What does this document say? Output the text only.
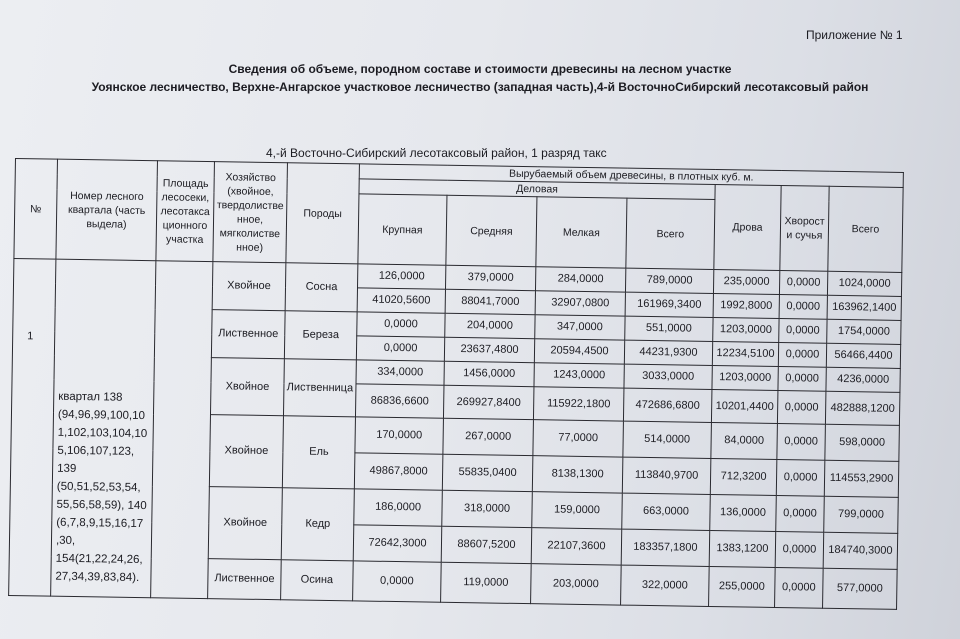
Приложение № 1
Сведения об объеме, породном составе и стоимости древесины на лесном участке
Уоянское лесничество, Верхне-Ангарское участковое лесничество (западная часть),4-й ВосточноСибирский лесотаксовый район
4,-й Восточно-Сибирский лесотаксовый район, 1 разряд такс
№	Номер лесного квартала (часть выдела)	Площадь лесосеки, лесотакса ционного участка	Хозяйство (хвойное, твердолистве нное, мягколистве нное)	Породы	Вырубаемый объем древесины, в плотных куб. м.						
					Деловая				Дрова	Хворост и сучья	Всего
					Крупная	Средняя	Мелкая	Всего			
1	квартал 138 (94,96,99,100,10 1,102,103,104,10 5,106,107,123, 139 (50,51,52,53,54, 55,56,58,59), 140 (6,7,8,9,15,16,17 ,30, 154(21,22,24,26, 27,34,39,83,84).		Хвойное	Сосна	126,0000	379,0000	284,0000	789,0000	235,0000	0,0000	1024,0000
					41020,5600	88041,7000	32907,0800	161969,3400	1992,8000	0,0000	163962,1400
			Лиственное	Береза	0,0000	204,0000	347,0000	551,0000	1203,0000	0,0000	1754,0000
					0,0000	23637,4800	20594,4500	44231,9300	12234,5100	0,0000	56466,4400
			Хвойное	Лиственница	334,0000	1456,0000	1243,0000	3033,0000	1203,0000	0,0000	4236,0000
					86836,6600	269927,8400	115922,1800	472686,6800	10201,4400	0,0000	482888,1200
			Хвойное	Ель	170,0000	267,0000	77,0000	514,0000	84,0000	0,0000	598,0000
					49867,8000	55835,0400	8138,1300	113840,9700	712,3200	0,0000	114553,2900
			Хвойное	Кедр	186,0000	318,0000	159,0000	663,0000	136,0000	0,0000	799,0000
					72642,3000	88607,5200	22107,3600	183357,1800	1383,1200	0,0000	184740,3000
			Лиственное	Осина	0,0000	119,0000	203,0000	322,0000	255,0000	0,0000	577,0000
